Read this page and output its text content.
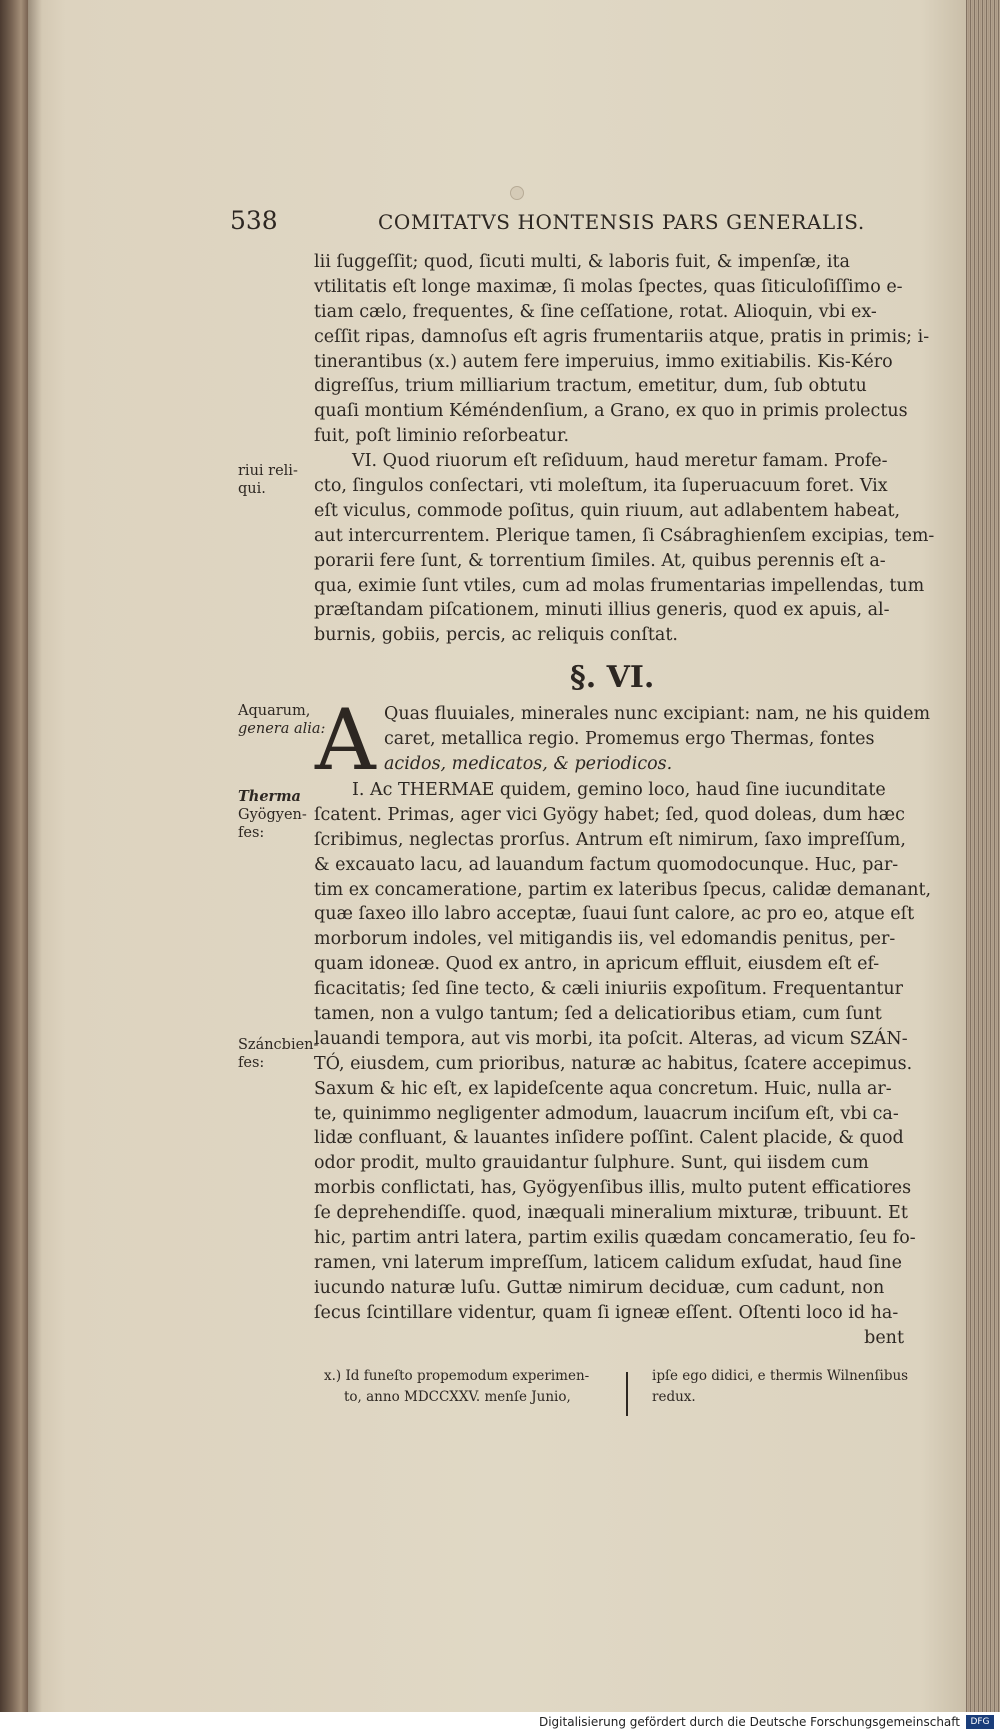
538	COMITATVS HONTENSIS PARS GENERALIS.
riui reli-
qui.
Aquarum,
genera alia:
Therma
Gyögyen-
fes:
Száncbien-
fes:
lii ſuggeſſit; quod, ſicuti multi, & laboris fuit, & impenſæ, ita
vtilitatis eſt longe maximæ, ſi molas ſpectes, quas ſiticuloſiſſimo e-
tiam cælo, frequentes, & ſine ceſſatione, rotat. Alioquin, vbi ex-
ceſſit ripas, damnoſus eſt agris frumentariis atque, pratis in primis; i-
tinerantibus (x.) autem fere imperuius, immo exitiabilis. Kis-Kéro
digreſſus, trium milliarium tractum, emetitur, dum, ſub obtutu
quaſi montium Kéméndenſium, a Grano, ex quo in primis prolectus
fuit, poſt liminio reſorbeatur.
VI. Quod riuorum eſt reſiduum, haud meretur famam. Profe-
cto, ſingulos conſectari, vti moleſtum, ita ſuperuacuum foret. Vix
eſt viculus, commode poſitus, quin riuum, aut adlabentem habeat,
aut intercurrentem. Plerique tamen, ſi Csábraghienſem excipias, tem-
porarii fere ſunt, & torrentium ſimiles. At, quibus perennis eſt a-
qua, eximie ſunt vtiles, cum ad molas frumentarias impellendas, tum
præſtandam piſcationem, minuti illius generis, quod ex apuis, al-
burnis, gobiis, percis, ac reliquis conſtat.
§. VI.
A Quas fluuiales, minerales nunc excipiant: nam, ne his quidem
caret, metallica regio. Promemus ergo Thermas, fontes
acidos, medicatos, & periodicos.
I. Ac THERMAE quidem, gemino loco, haud ſine iucunditate
ſcatent. Primas, ager vici Gyögy habet; ſed, quod doleas, dum hæc
ſcribimus, neglectas prorſus. Antrum eſt nimirum, ſaxo impreſſum,
& excauato lacu, ad lauandum factum quomodocunque. Huc, par-
tim ex concameratione, partim ex lateribus ſpecus, calidæ demanant,
quæ ſaxeo illo labro acceptæ, ſuaui ſunt calore, ac pro eo, atque eſt
morborum indoles, vel mitigandis iis, vel edomandis penitus, per-
quam idoneæ. Quod ex antro, in apricum effluit, eiusdem eſt ef-
ficacitatis; ſed ſine tecto, & cæli iniuriis expoſitum. Frequentantur
tamen, non a vulgo tantum; ſed a delicatioribus etiam, cum ſunt
lauandi tempora, aut vis morbi, ita poſcit. Alteras, ad vicum SZÁN-
TÓ, eiusdem, cum prioribus, naturæ ac habitus, ſcatere accepimus.
Saxum & hic eſt, ex lapideſcente aqua concretum. Huic, nulla ar-
te, quinimmo negligenter admodum, lauacrum inciſum eſt, vbi ca-
lidæ confluant, & lauantes inſidere poſſint. Calent placide, & quod
odor prodit, multo grauidantur ſulphure. Sunt, qui iisdem cum
morbis conflictati, has, Gyögyenſibus illis, multo putent efficatiores
ſe deprehendiſſe. quod, inæquali mineralium mixturæ, tribuunt. Et
hic, partim antri latera, partim exilis quædam concameratio, ſeu fo-
ramen, vni laterum impreſſum, laticem calidum exſudat, haud ſine
iucundo naturæ luſu. Guttæ nimirum deciduæ, cum cadunt, non
ſecus ſcintillare videntur, quam ſi igneæ eſſent. Oſtenti loco id ha-
bent
x.) Id funeſto propemodum experimen-
to, anno MDCCXXV. menſe Junio,
ipſe ego didici, e thermis Wilnenſibus
redux.
Digitalisierung gefördert durch die Deutsche Forschungsgemeinschaft	DFG
